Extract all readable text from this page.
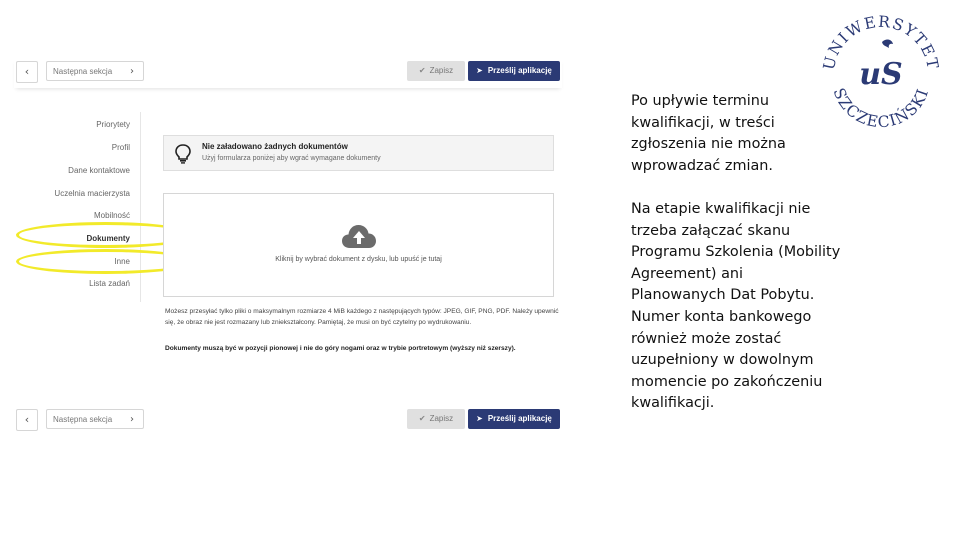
‹	Następna sekcja ›	✔ Zapisz	➤ Prześlij aplikację
Priorytety
Profil
Dane kontaktowe
Uczelnia macierzysta
Mobilność
Dokumenty
Inne
Lista zadań
Nie załadowano żadnych dokumentów
Użyj formularza poniżej aby wgrać wymagane dokumenty
Kliknij by wybrać dokument z dysku, lub upuść je tutaj
Możesz przesyłać tylko pliki o maksymalnym rozmiarze 4 MiB każdego z następujących typów: JPEG, GIF, PNG, PDF. Należy upewnić się, że obraz nie jest rozmazany lub zniekształcony. Pamiętaj, że musi on być czytelny po wydrukowaniu.
Dokumenty muszą być w pozycji pionowej i nie do góry nogami oraz w trybie portretowym (wyższy niż szerszy).
‹	Następna sekcja ›	✔ Zapisz	➤ Prześlij aplikację
Po upływie terminu kwalifikacji, w treści zgłoszenia nie można wprowadzać zmian.
Na etapie kwalifikacji nie trzeba załączać skanu Programu Szkolenia (Mobility Agreement) ani Planowanych Dat Pobytu. Numer konta bankowego również może zostać uzupełniony w dowolnym momencie po zakończeniu kwalifikacji.
UNIWERSYTET
SZCZECIŃSKI
uS
